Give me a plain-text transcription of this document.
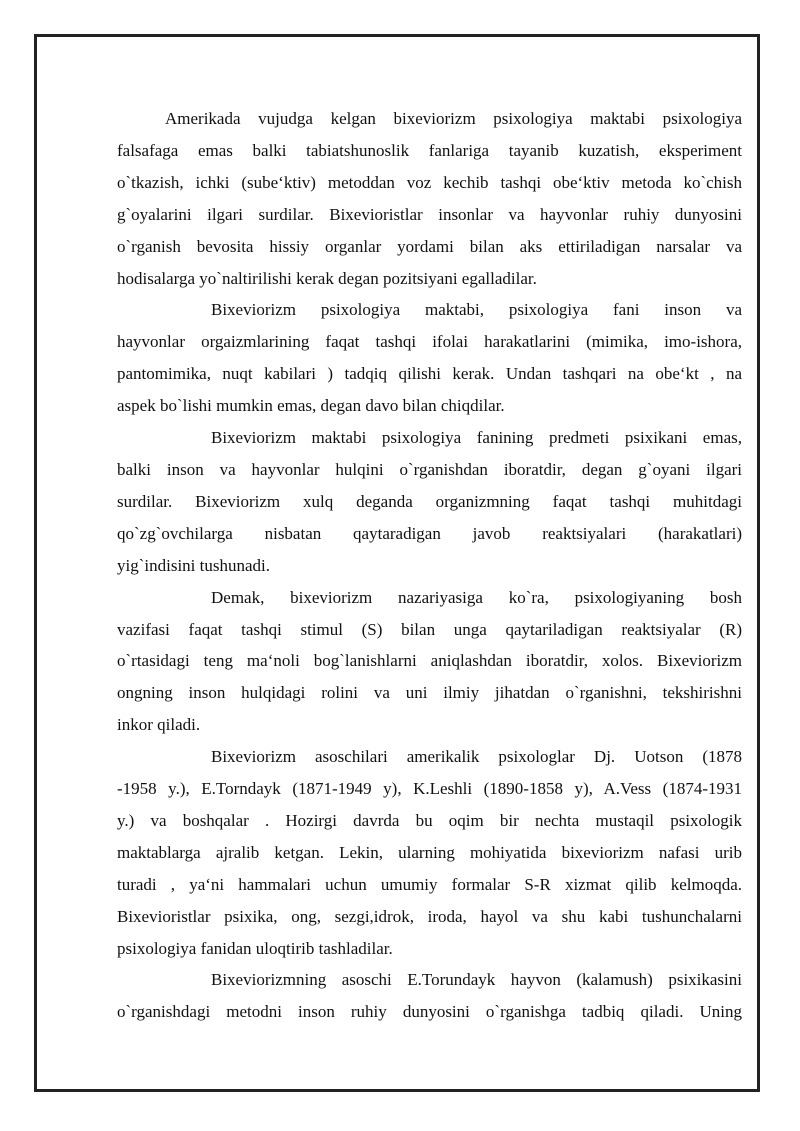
Amerikada vujudga kelgan bixeviorizm psixologiya maktabi psixologiya

falsafaga emas balki tabiatshunoslik fanlariga tayanib kuzatish, eksperiment

o`tkazish, ichki (sube‘ktiv) metoddan voz kechib tashqi obe‘ktiv metoda ko`chish

g`oyalarini ilgari surdilar. Bixevioristlar insonlar va hayvonlar ruhiy dunyosini

o`rganish bevosita hissiy organlar yordami bilan aks ettiriladigan narsalar va

hodisalarga yo`naltirilishi kerak degan pozitsiyani egalladilar.

Bixeviorizm psixologiya maktabi, psixologiya fani inson va

hayvonlar orgaizmlarining faqat tashqi ifolai harakatlarini (mimika, imo-ishora,

pantomimika, nuqt kabilari ) tadqiq qilishi kerak. Undan tashqari na obe‘kt , na

aspek bo`lishi mumkin emas, degan davo bilan chiqdilar.

Bixeviorizm maktabi psixologiya fanining predmeti psixikani emas,

balki inson va hayvonlar hulqini o`rganishdan iboratdir, degan g`oyani ilgari

surdilar. Bixeviorizm xulq deganda organizmning faqat tashqi muhitdagi

qo`zg`ovchilarga nisbatan qaytaradigan javob reaktsiyalari (harakatlari)

yig`indisini tushunadi.

Demak, bixeviorizm nazariyasiga ko`ra, psixologiyaning bosh

vazifasi faqat tashqi stimul (S) bilan unga qaytariladigan reaktsiyalar (R)

o`rtasidagi teng ma‘noli bog`lanishlarni aniqlashdan iboratdir, xolos. Bixeviorizm

ongning inson hulqidagi rolini va uni ilmiy jihatdan o`rganishni, tekshirishni

inkor qiladi.

Bixeviorizm asoschilari amerikalik psixologlar Dj. Uotson (1878

-1958 y.), E.Torndayk (1871-1949 y), K.Leshli (1890-1858 y), A.Vess (1874-1931

y.) va boshqalar . Hozirgi davrda bu oqim bir nechta mustaqil psixologik

maktablarga ajralib ketgan. Lekin, ularning mohiyatida bixeviorizm nafasi urib

turadi , ya‘ni hammalari uchun umumiy formalar S-R xizmat qilib kelmoqda.

Bixevioristlar psixika, ong, sezgi,idrok, iroda, hayol va shu kabi tushunchalarni

psixologiya fanidan uloqtirib tashladilar.

Bixeviorizmning asoschi E.Torundayk hayvon (kalamush) psixikasini

o`rganishdagi metodni inson ruhiy dunyosini o`rganishga tadbiq qiladi. Uning
